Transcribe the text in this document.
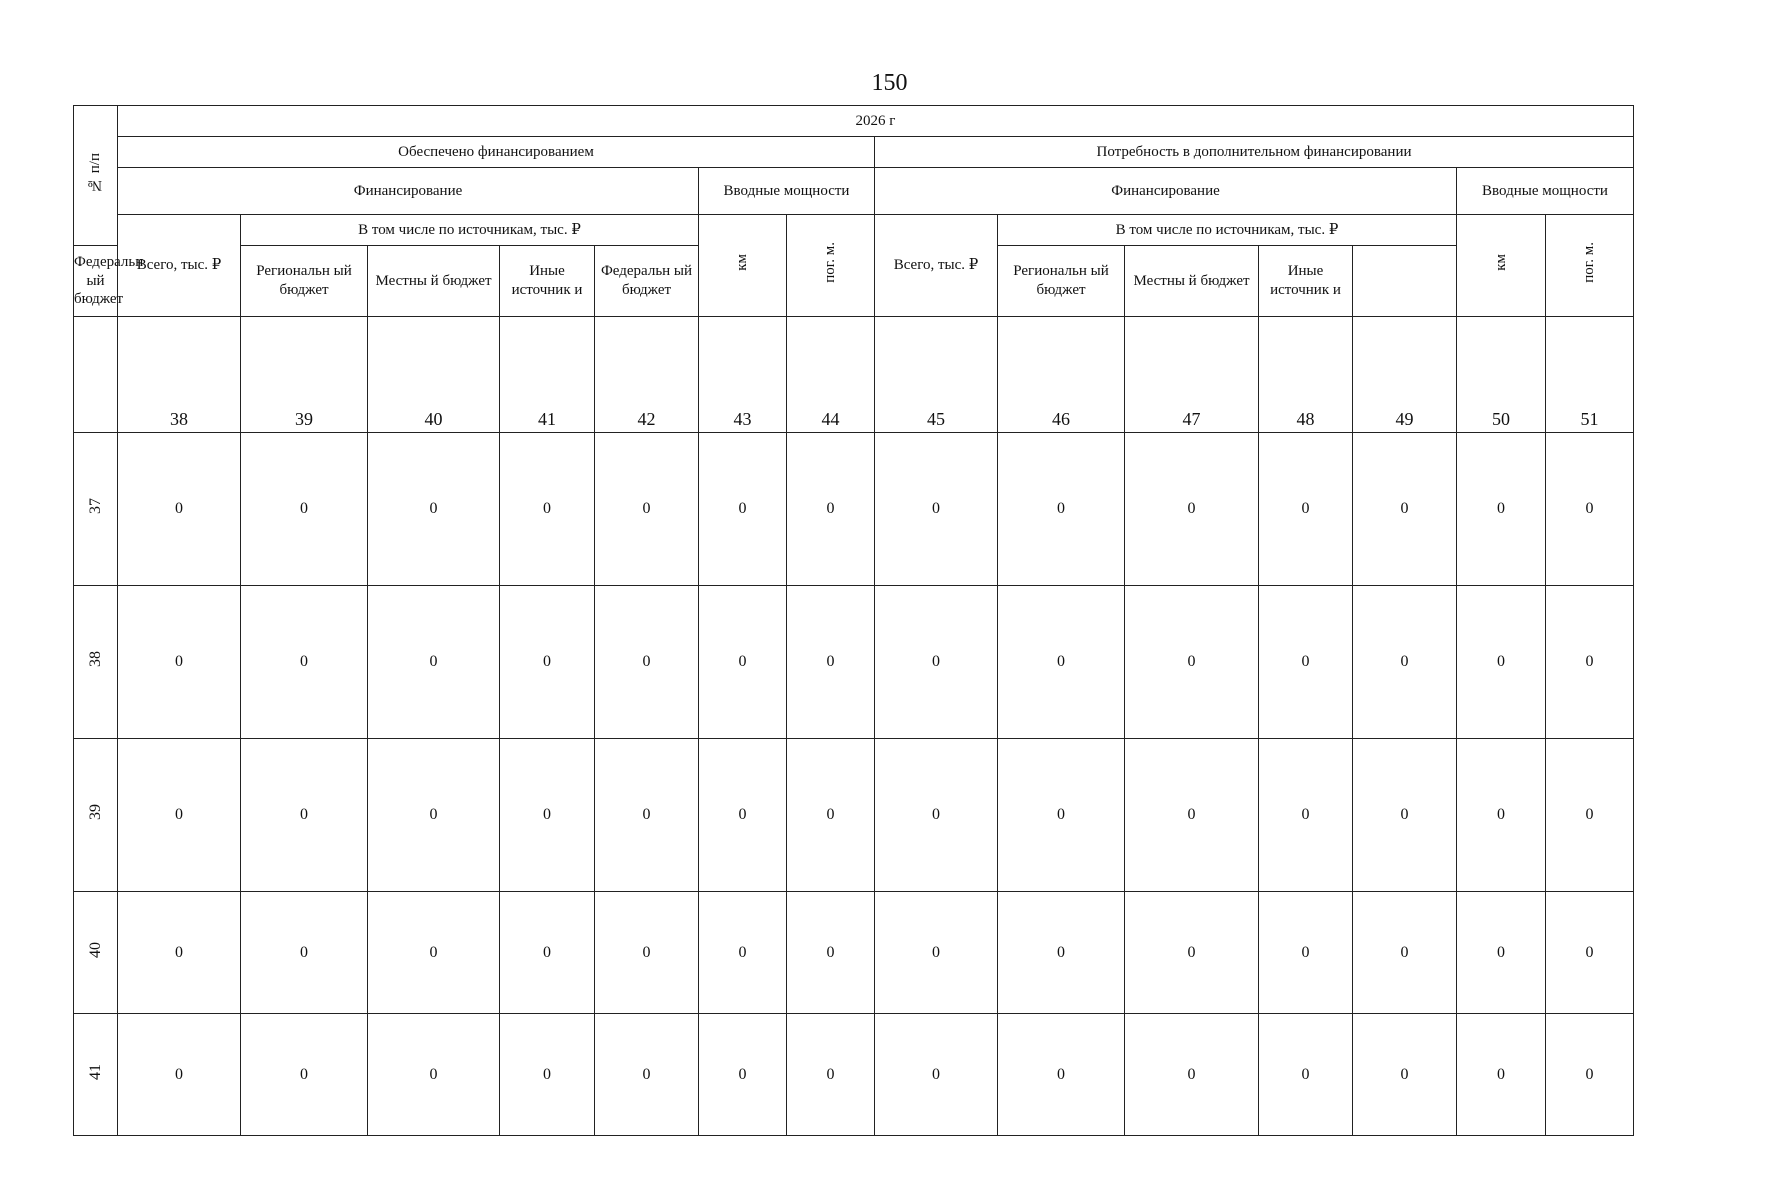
150
№ п/п	2026 г													
	Обеспечено финансированием							Потребность в дополнительном финансировании						
	Финансирование					Вводные мощности		Финансирование					Вводные мощности	
	Всего, тыс. ₽	В том числе по источникам, тыс. ₽				км	пог. м.	Всего, тыс. ₽	В том числе по источникам, тыс. ₽				км	пог. м.
Федеральн ый бюджет		Региональн ый бюджет	Местны й бюджет	Иные источник и	Федеральн ый бюджет				Региональн ый бюджет	Местны й бюджет	Иные источник и			
	38	39	40	41	42	43	44	45	46	47	48	49	50	51
37	0	0	0	0	0	0	0	0	0	0	0	0	0	0
38	0	0	0	0	0	0	0	0	0	0	0	0	0	0
39	0	0	0	0	0	0	0	0	0	0	0	0	0	0
40	0	0	0	0	0	0	0	0	0	0	0	0	0	0
41	0	0	0	0	0	0	0	0	0	0	0	0	0	0
